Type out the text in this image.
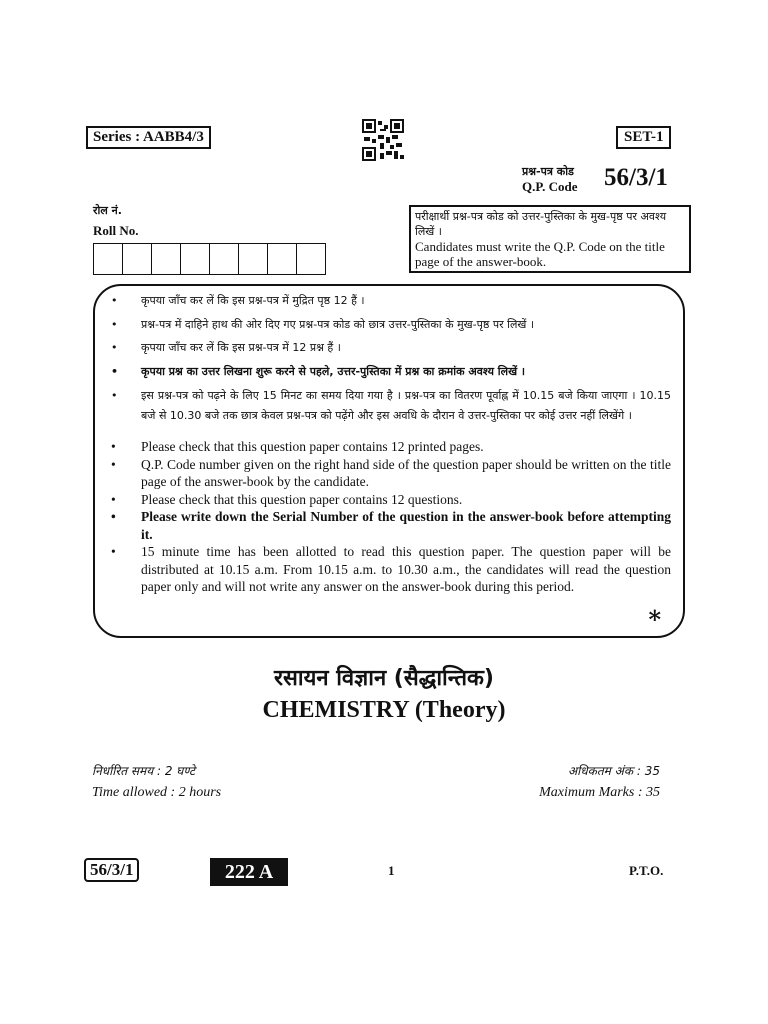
Series : AABB4/3	SET-1
प्रश्न-पत्र कोड
Q.P. Code 56/3/1
रोल नं.
Roll No.
परीक्षार्थी प्रश्न-पत्र कोड को उत्तर-पुस्तिका के मुख-पृष्ठ पर अवश्य लिखें ।
Candidates must write the Q.P. Code on the title page of the answer-book.
• कृपया जाँच कर लें कि इस प्रश्न-पत्र में मुद्रित पृष्ठ 12 हैं ।
• प्रश्न-पत्र में दाहिने हाथ की ओर दिए गए प्रश्न-पत्र कोड को छात्र उत्तर-पुस्तिका के मुख-पृष्ठ पर लिखें ।
• कृपया जाँच कर लें कि इस प्रश्न-पत्र में 12 प्रश्न हैं ।
• कृपया प्रश्न का उत्तर लिखना शुरू करने से पहले, उत्तर-पुस्तिका में प्रश्न का क्रमांक अवश्य लिखें ।
• इस प्रश्न-पत्र को पढ़ने के लिए 15 मिनट का समय दिया गया है । प्रश्न-पत्र का वितरण पूर्वाह्न में 10.15 बजे किया जाएगा । 10.15 बजे से 10.30 बजे तक छात्र केवल प्रश्न-पत्र को पढ़ेंगे और इस अवधि के दौरान वे उत्तर-पुस्तिका पर कोई उत्तर नहीं लिखेंगे ।
• Please check that this question paper contains 12 printed pages.
• Q.P. Code number given on the right hand side of the question paper should be written on the title page of the answer-book by the candidate.
• Please check that this question paper contains 12 questions.
• Please write down the Serial Number of the question in the answer-book before attempting it.
• 15 minute time has been allotted to read this question paper. The question paper will be distributed at 10.15 a.m. From 10.15 a.m. to 10.30 a.m., the candidates will read the question paper only and will not write any answer on the answer-book during this period.
*
रसायन विज्ञान (सैद्धान्तिक)
CHEMISTRY (Theory)
निर्धारित समय : 2 घण्टे
Time allowed : 2 hours
अधिकतम अंक : 35
Maximum Marks : 35
56/3/1	222 A	1	P.T.O.
